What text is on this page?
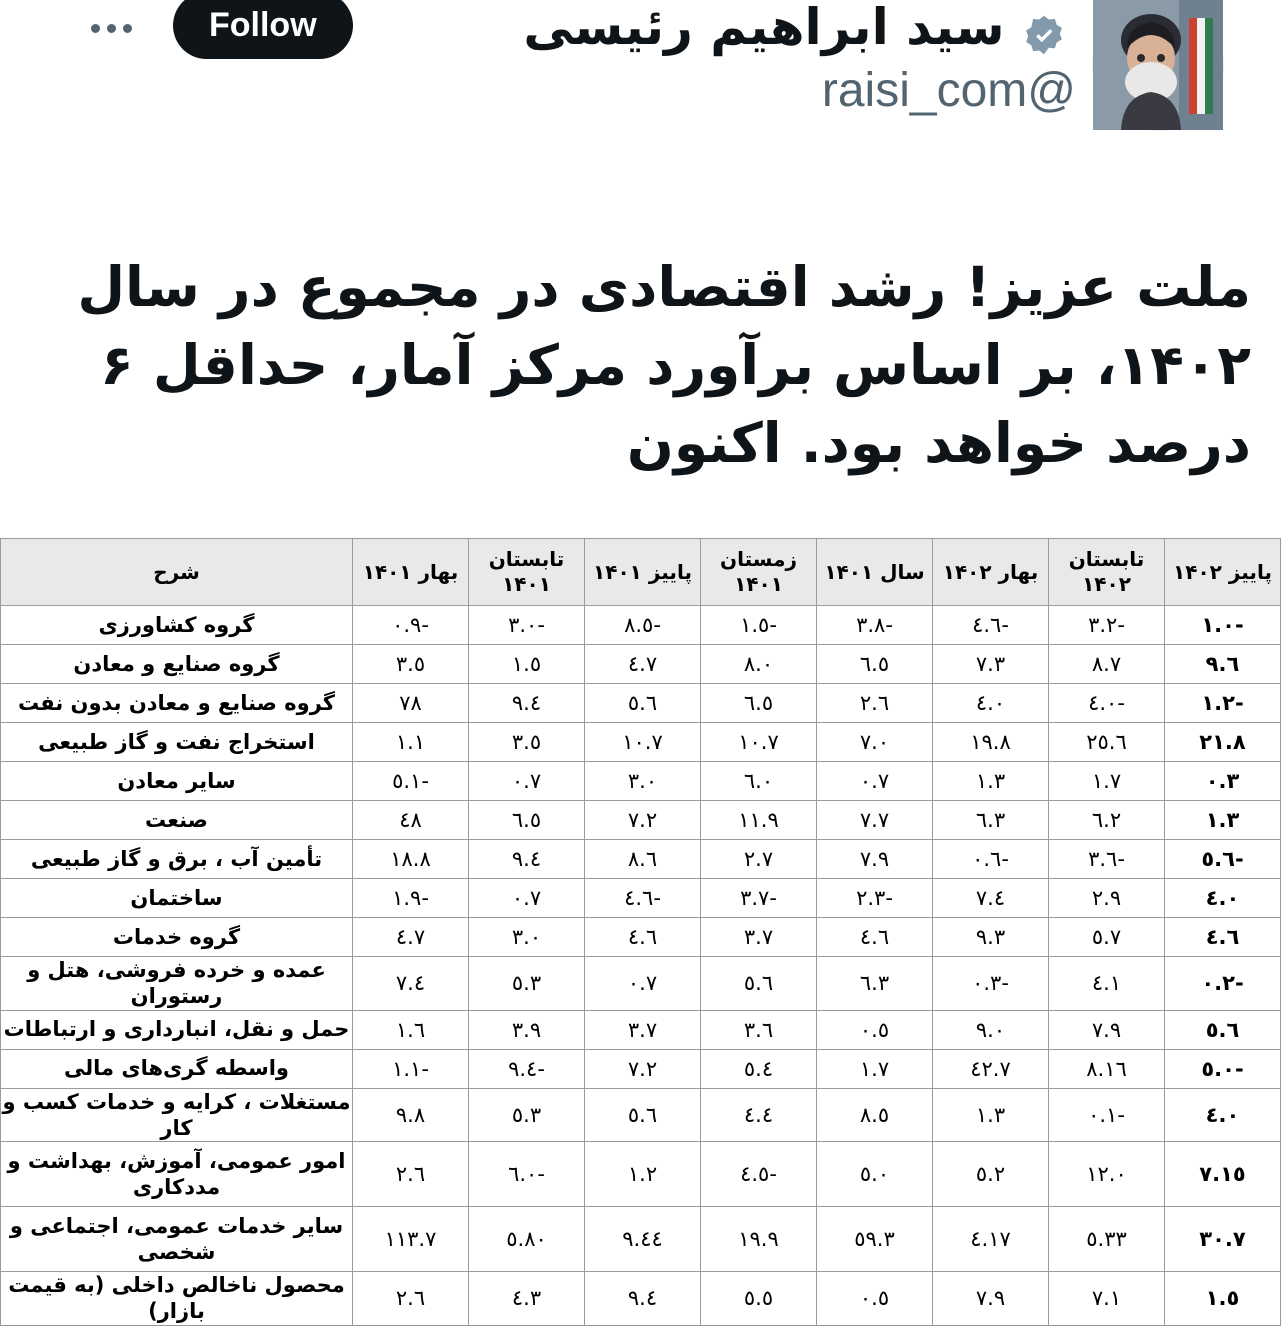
سید ابراهیم رئیسی
@raisi_com
Follow
ملت عزیز! رشد اقتصادی در مجموع در سال ۱۴۰۲، بر اساس برآورد مرکز آمار، حداقل ۶ درصد خواهد بود. اکنون
پاییز ۱۴۰۲	تابستان ۱۴۰۲	بهار ۱۴۰۲	سال ۱۴۰۱	زمستان ۱۴۰۱	پاییز ۱۴۰۱	تابستان ۱۴۰۱	بهار ۱۴۰۱	شرح
-۱.۰	-۳.۲	-٤.٦	-۳.۸	-٥.۱	-٥.۸	-۳.۰	-۰.۹	گروه کشاورزی
٦.۹	۸.۷	۷.۳	٦.٥	۸.۰	۷.٤	٥.۱	٥.۳	گروه صنایع و معادن
-۱.۲	-۰.٤	۰.٤	٦.۲	٦.٥	٥.٦	٤.۹	۷۸	گروه صنایع و معادن بدون نفت
۲۱.۸	۲٥.٦	۱۹.۸	۷.۰	۱۰.۷	۱۰.۷	٥.۳	۱.۱	استخراج نفت و گاز طبیعی
۰.۳	۱.۷	۱.۳	۰.۷	۰.٦	۳.۰	۰.۷	-۱.٥	سایر معادن
۱.۳	۲.٦	۳.٦	۷.۷	۱۱.۹	۷.۲	٦.٥	٤۸	صنعت
-٥.٦	-٦.۳	-٦.۰	۷.۹	۲.۷	٦.۸	٤.۹	۱۸.۸	تأمین آب ، برق و گاز طبیعی
۰.٤	۲.۹	٤.۷	-۲.۳	-۳.۷	-٤.٦	۰.۷	-۱.۹	ساختمان
٤.٦	۷.٥	۹.۳	٤.٦	۳.۷	٤.٦	۳.۰	۷.٤	گروه خدمات
-۰.۲	۱.٤	-۰.۳	۳.٦	٥.٦	۰.۷	۳.٥	٤.۷	عمده و خرده فروشی، هتل و رستوران
٥.٦	۷.۹	۹.۰	٥.۰	٦.۳	۳.۷	۳.۹	٦.۱	حمل و نقل، انبارداری و ارتباطات
-۰.٥	۱٦.۸	٤۲.۷	۱.۷	٥.٤	۷.۲	-٤.۹	-۱.۱	واسطه گری‌های مالی
۰.٤	-۰.۱	۱.۳	٥.۸	٤.٤	٥.٦	۳.٥	۹.۸	مستغلات ، کرایه و خدمات کسب و کار
۱٥.۷	۱۲.۰	۲.٥	۰.٥	-٤.٥	۱.۲	-۰.٦	٦.۲	امور عمومی، آموزش، بهداشت و مددکاری
۳۰.۷	۳۳.٥	۱۷.٤	٥۹.۳	۱۹.۹	٤٤.۹	۸۰.٥	۱۱۳.۷	سایر خدمات عمومی، اجتماعی و شخصی
٥.۱	۷.۱	۷.۹	٥.۰	٥.٥	٤.۹	۳.٤	٦.۲	محصول ناخالص داخلی (به قیمت بازار)
